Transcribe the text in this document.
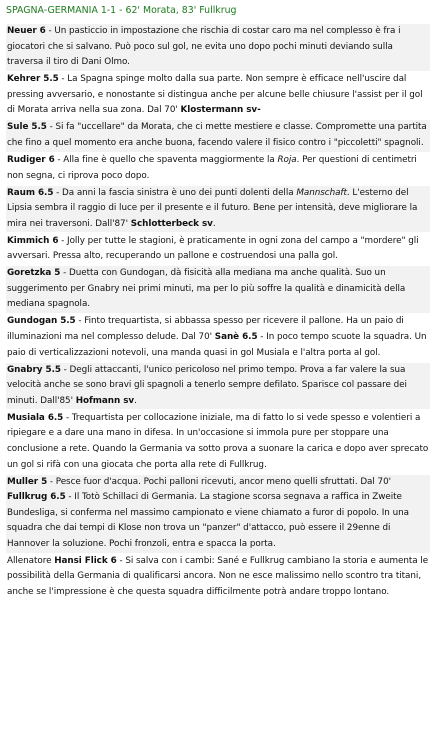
SPAGNA-GERMANIA 1-1 - 62' Morata, 83' Fullkrug
Neuer 6 - Un pasticcio in impostazione che rischia di costar caro ma nel complesso è fra i giocatori che si salvano. Può poco sul gol, ne evita uno dopo pochi minuti deviando sulla traversa il tiro di Dani Olmo.
Kehrer 5.5 - La Spagna spinge molto dalla sua parte. Non sempre è efficace nell'uscire dal pressing avversario, e nonostante si distingua anche per alcune belle chiusure l'assist per il gol di Morata arriva nella sua zona. Dal 70' Klostermann sv-
Sule 5.5 - Si fa "uccellare" da Morata, che ci mette mestiere e classe. Compromette una partita che fino a quel momento era anche buona, facendo valere il fisico contro i "piccoletti" spagnoli.
Rudiger 6 - Alla fine è quello che spaventa maggiormente la Roja. Per questioni di centimetri non segna, ci riprova poco dopo.
Raum 6.5 - Da anni la fascia sinistra è uno dei punti dolenti della Mannschaft. L'esterno del Lipsia sembra il raggio di luce per il presente e il futuro. Bene per intensità, deve migliorare la mira nei traversoni. Dall'87' Schlotterbeck sv.
Kimmich 6 - Jolly per tutte le stagioni, è praticamente in ogni zona del campo a "mordere" gli avversari. Pressa alto, recuperando un pallone e costruendosi una palla gol.
Goretzka 5 - Duetta con Gundogan, dà fisicità alla mediana ma anche qualità. Suo un suggerimento per Gnabry nei primi minuti, ma per lo più soffre la qualità e dinamicità della mediana spagnola.
Gundogan 5.5 - Finto trequartista, si abbassa spesso per ricevere il pallone. Ha un paio di illuminazioni ma nel complesso delude. Dal 70' Sanè 6.5 - In poco tempo scuote la squadra. Un paio di verticalizzazioni notevoli, una manda quasi in gol Musiala e l'altra porta al gol.
Gnabry 5.5 - Degli attaccanti, l'unico pericoloso nel primo tempo. Prova a far valere la sua velocità anche se sono bravi gli spagnoli a tenerlo sempre defilato. Sparisce col passare dei minuti. Dall'85' Hofmann sv.
Musiala 6.5 - Trequartista per collocazione iniziale, ma di fatto lo si vede spesso e volentieri a ripiegare e a dare una mano in difesa. In un'occasione si immola pure per stoppare una conclusione a rete. Quando la Germania va sotto prova a suonare la carica e dopo aver sprecato un gol si rifà con una giocata che porta alla rete di Fullkrug.
Muller 5 - Pesce fuor d'acqua. Pochi palloni ricevuti, ancor meno quelli sfruttati. Dal 70' Fullkrug 6.5 - Il Totò Schillaci di Germania. La stagione scorsa segnava a raffica in Zweite Bundesliga, si conferma nel massimo campionato e viene chiamato a furor di popolo. In una squadra che dai tempi di Klose non trova un "panzer" d'attacco, può essere il 29enne di Hannover la soluzione. Pochi fronzoli, entra e spacca la porta.
Allenatore Hansi Flick 6 - Si salva con i cambi: Sané e Fullkrug cambiano la storia e aumenta le possibilità della Germania di qualificarsi ancora. Non ne esce malissimo nello scontro tra titani, anche se l'impressione è che questa squadra difficilmente potrà andare troppo lontano.
